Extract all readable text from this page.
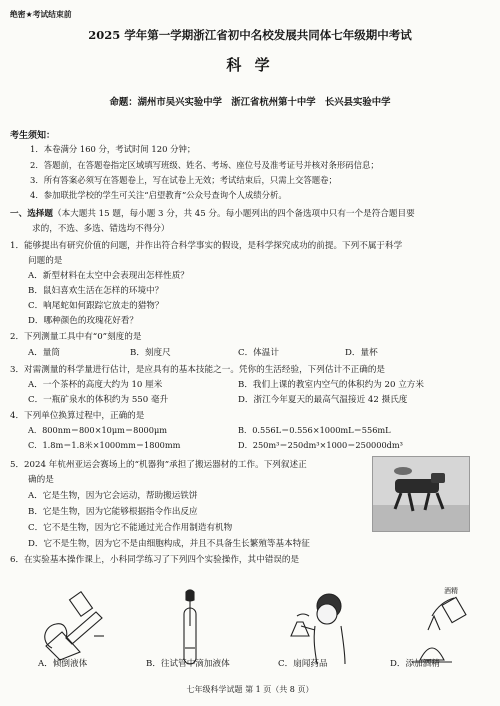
绝密★考试结束前
2025 学年第一学期浙江省初中名校发展共同体七年级期中考试
科 学
命题：湖州市吴兴实验中学 浙江省杭州第十中学 长兴县实验中学
考生须知：
1．本卷满分 160 分，考试时间 120 分钟；
2．答题前，在答题卷指定区域填写班级、姓名、考场、座位号及准考证号并核对条形码信息；
3．所有答案必须写在答题卷上，写在试卷上无效；考试结束后，只需上交答题卷；
4．参加联批学校的学生可关注“启望教育”公众号查询个人成绩分析。
一、选择题（本大题共 15 题，每小题 3 分，共 45 分。每小题列出的四个备选项中只有一个是符合题目要
求的，不选、多选、错选均不得分）
1．能够提出有研究价值的问题，并作出符合科学事实的假设，是科学探究成功的前提。下列不属于科学
问题的是
A．新型材料在太空中会表现出怎样性质？
B．鼠妇喜欢生活在怎样的环境中？
C．响尾蛇如何跟踪它放走的猎物？
D．哪种颜色的玫瑰花好看？
2．下列测量工具中有“0”刻度的是
A．量筒	B．刻度尺	C．体温计	D．量杯
3．对需测量的科学量进行估计，是应具有的基本技能之一。凭你的生活经验，下列估计不正确的是
A．一个茶杯的高度大约为 10 厘米	B．我们上课的教室内空气的体积约为 20 立方米
C．一瓶矿泉水的体积约为 550 毫升	D．浙江今年夏天的最高气温接近 42 摄氏度
4．下列单位换算过程中，正确的是
A．800nm＝800×10μm＝8000μm	B．0.556L＝0.556×1000mL＝556mL
C．1.8m＝1.8米×1000mm＝1800mm	D．250m³＝250dm³×1000＝250000dm³
5．2024 年杭州亚运会赛场上的“机器狗”承担了搬运器材的工作。下列叙述正
确的是
A．它是生物，因为它会运动，帮助搬运铁饼
B．它是生物，因为它能够根据指令作出反应
C．它不是生物，因为它不能通过光合作用制造有机物
D．它不是生物，因为它不是由细胞构成，并且不具备生长繁殖等基本特征
6．在实验基本操作课上，小科同学练习了下列四个实验操作，其中错误的是
酒精
A．倾倒液体	B．往试管中滴加液体	C．扇闻药品	D．添加酒精
七年级科学试题 第 1 页（共 8 页）
